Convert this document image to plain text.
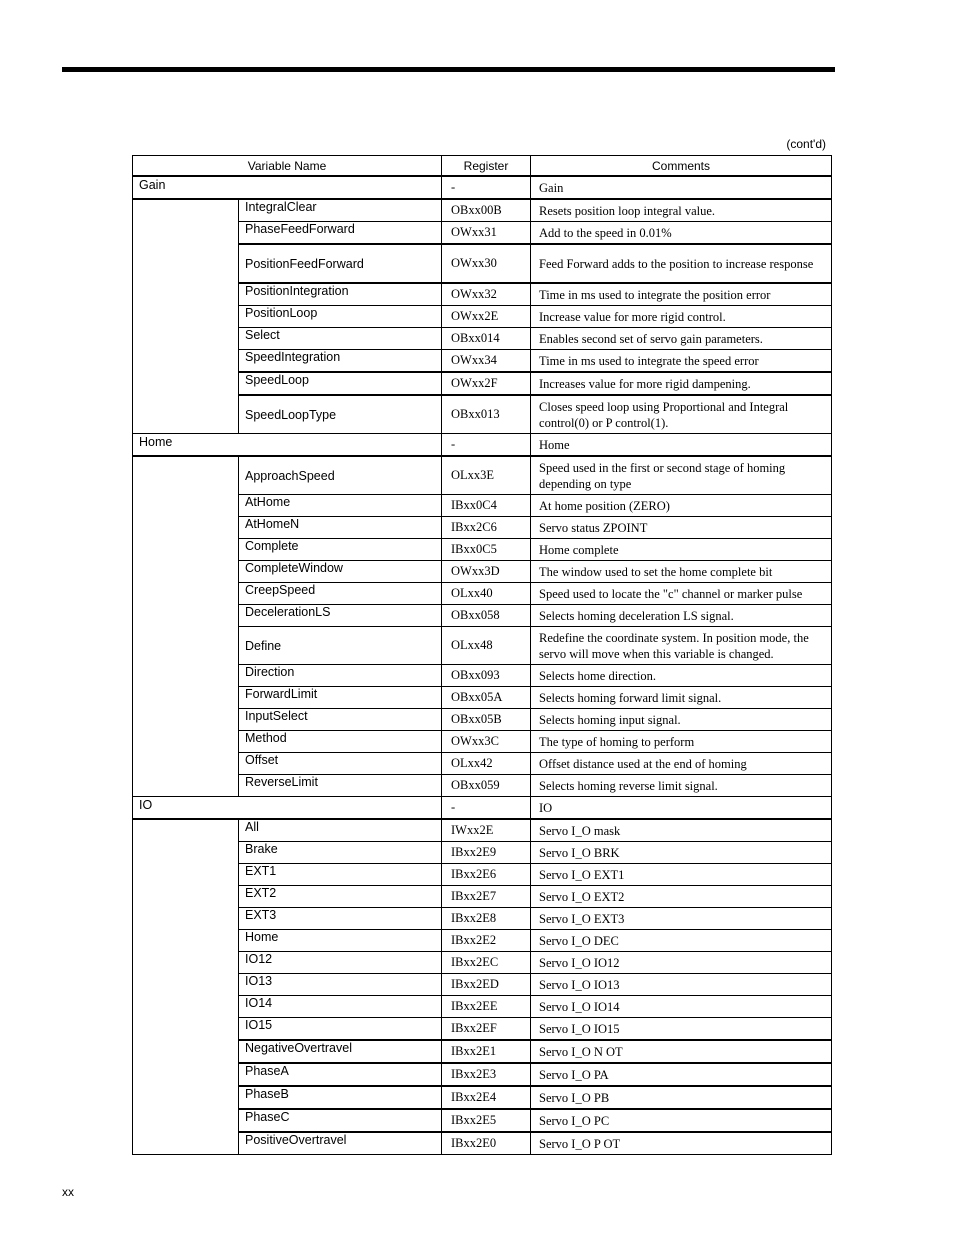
(cont'd)
Variable Name		Register	Comments
Gain		-	Gain
	IntegralClear	OBxx00B	Resets position loop integral value.
	PhaseFeedForward	OWxx31	Add to the speed in 0.01%
	PositionFeedForward	OWxx30	Feed Forward adds to the position to increase response
	PositionIntegration	OWxx32	Time in ms used to integrate the position error
	PositionLoop	OWxx2E	Increase value for more rigid control.
	Select	OBxx014	Enables second set of servo gain parameters.
	SpeedIntegration	OWxx34	Time in ms used to integrate the speed error
	SpeedLoop	OWxx2F	Increases value for more rigid dampening.
	SpeedLoopType	OBxx013	Closes speed loop using Proportional and Integral control(0) or P control(1).
Home		-	Home
	ApproachSpeed	OLxx3E	Speed used in the first or second stage of homing depending on type
	AtHome	IBxx0C4	At home position (ZERO)
	AtHomeN	IBxx2C6	Servo status ZPOINT
	Complete	IBxx0C5	Home complete
	CompleteWindow	OWxx3D	The window used to set the home complete bit
	CreepSpeed	OLxx40	Speed used to locate the "c" channel or marker pulse
	DecelerationLS	OBxx058	Selects homing deceleration LS signal.
	Define	OLxx48	Redefine the coordinate system. In position mode, the servo will move when this variable is changed.
	Direction	OBxx093	Selects home direction.
	ForwardLimit	OBxx05A	Selects homing forward limit signal.
	InputSelect	OBxx05B	Selects homing input signal.
	Method	OWxx3C	The type of homing to perform
	Offset	OLxx42	Offset distance used at the end of homing
	ReverseLimit	OBxx059	Selects homing reverse limit signal.
IO		-	IO
	All	IWxx2E	Servo I_O mask
	Brake	IBxx2E9	Servo I_O BRK
	EXT1	IBxx2E6	Servo I_O EXT1
	EXT2	IBxx2E7	Servo I_O EXT2
	EXT3	IBxx2E8	Servo I_O EXT3
	Home	IBxx2E2	Servo I_O DEC
	IO12	IBxx2EC	Servo I_O IO12
	IO13	IBxx2ED	Servo I_O IO13
	IO14	IBxx2EE	Servo I_O IO14
	IO15	IBxx2EF	Servo I_O IO15
	NegativeOvertravel	IBxx2E1	Servo I_O N OT
	PhaseA	IBxx2E3	Servo I_O PA
	PhaseB	IBxx2E4	Servo I_O PB
	PhaseC	IBxx2E5	Servo I_O PC
	PositiveOvertravel	IBxx2E0	Servo I_O P OT
xx
